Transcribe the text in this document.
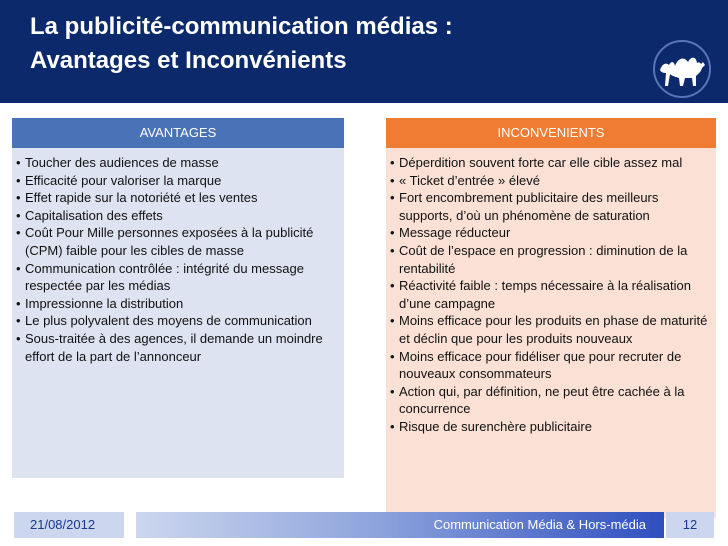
La publicité-communication médias :
Avantages et Inconvénients
AVANTAGES
• Toucher des audiences de masse
• Efficacité pour valoriser la marque
• Effet rapide sur la notoriété et les ventes
• Capitalisation des effets
• Coût Pour Mille personnes exposées à la publicité (CPM) faible pour les cibles de masse
• Communication contrôlée : intégrité du message respectée par les médias
• Impressionne la distribution
• Le plus polyvalent des moyens de communication
• Sous-traitée à des agences, il demande un moindre effort de la part de l’annonceur
INCONVENIENTS
• Déperdition souvent forte car elle cible assez mal
• « Ticket d’entrée » élevé
• Fort encombrement publicitaire des meilleurs supports, d’où un phénomène de saturation
• Message réducteur
• Coût de l’espace en progression : diminution de la rentabilité
• Réactivité faible : temps nécessaire à la réalisation d’une campagne
• Moins efficace pour les produits en phase de maturité et déclin que pour les produits nouveaux
• Moins efficace pour fidéliser que pour recruter de nouveaux consommateurs
• Action qui, par définition, ne peut être cachée à la concurrence
• Risque de surenchère publicitaire
21/08/2012	Communication Média & Hors-média	12
